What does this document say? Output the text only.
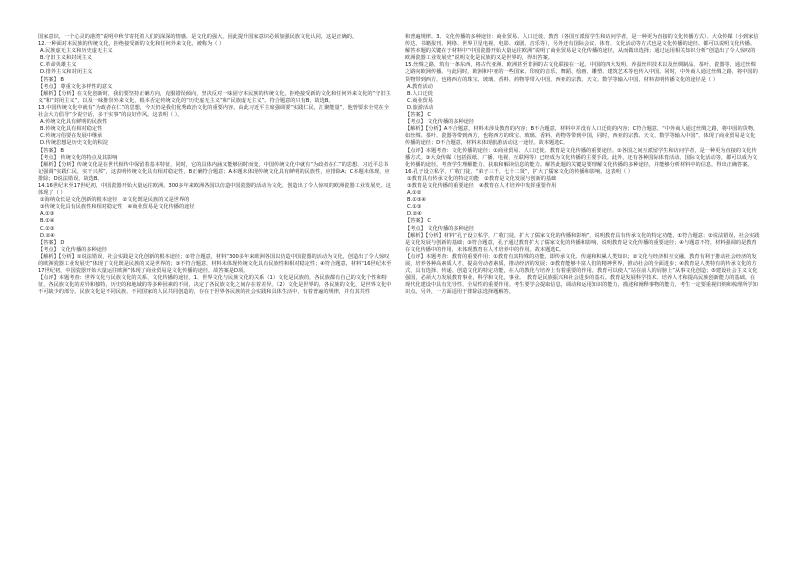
国家意识，一个心灵的港湾”说明中秋节寄托着人们的深深的情感，是文化的强大，因此提升国家意识必须加强民族文化认同，这是正确的。

12.一种面对本民族的传统文化，拒绝接受新的文化和任何外来文化，被称为（ ）

A.民族虚无主义和历史虚无主义

B.守旧主义和封闭主义

C.革命英雄主义

D.排外主义和封闭主义

【答案】 B

【考点】 尊重文化多样性的意义

【解析】【分析】在文化创新时，我们要坚持正确方向，克服错误倾向，坚决反对一味固守本民族的传统文化，拒绝接受新的文化和任何外来文化的“守旧主义”和“封闭主义”，以及一味推崇外来文化，根本否定传统文化的“历史虚无主义”和“民族虚无主义”。符合题意的只有B，故选B。

13.中国传统文化中就有“为政者在仁”的思想，今天仍是我们优秀政治文化的重要内容。由此习近平主席强调要“实践仁民，汇聚能量”，他曾要求全党在全社会大力倡导“少说空话，多干实事”的良好作风。这表明（ ）。

A.传统文化具有鲜明的民族性

B.传统文化具有相对稳定性

C.传统习俗要在发展中继承

D.传统思想是历史文化的积淀

【答案】 B

【考点】 传统文化的特点及其影响

【解析】【分析】传统文化是在世代相传中保留着基本特征，同时，它的具体内涵又能够因时而变。中国传统文化中就有“为政者在仁”的思想，习近平总书记强调“实践仁民，实干兴邦”，这表明传统文化具有相对稳定性，B正确符合题意；A本题未体现传统文化具有鲜明的民族性，应排除A；C本题未体现，应排除；D说法错误。故选B。

14.16世纪末至17世纪初，中国瓷器开始大量运往欧洲。300多年来欧洲各国以仿造中国瓷器的活动为文化，创造出了令人惊叹的欧洲瓷器工业发展史。这体现了（ ）

①海纳众长是文化创新的根本途径　②文化既是民族的又是世界的

③传统文化具有民族性和相对稳定性　④商业贸易是文化传播的途径

A.①③

B.①④

C.②③

D.②④

【答案】 D

【考点】 文化传播的多种途径

【解析】【分析】①说法错误，社会实践是文化创新的根本途径；②符合题意，材料“300多年来欧洲各国以仿造中国瓷器的活动为文化，创造出了令人惊叹的欧洲瓷器工业发展史”体现了文化既是民族的又是世界的；③不符合题意，材料未体现传统文化具有民族性和相对稳定性；④符合题意，材料“16世纪末至17世纪初，中国瓷器开始大量运往欧洲”体现了商业贸易是文化传播的途径。故答案是D项。

【点评】本题考查：世界文化与民族文化的关系、文化传播的途径。1、世界文化与民族文化的关系（1）文化是民族的，各民族都有自己的文化个性和特征，各民族文化的差异和独特，历史的和地域的等多种因素的不同，决定了各民族文化之间存在着差异。（2）文化是世界的，各民族的文化，是世界文化中不可缺少的部分。民族文化是不同民族、不同国家的人民共同创造的，存在于世界各民族的社会实践和具体生活中，有着普遍的规律，并有其共性

和普遍规律。3、文化传播的多种途径：商业贸易、人口迁徙、教育（各国互派留学生和访问学者，是一种更为直接的文化传播方式）、大众传媒（小到家信传达、书籍报刊、网络、世界卫星电视、电影、戏剧、音乐等），另外还有国际会议、体育、文化活动等方式也是文化传播的途径。都可以说明文化传播。解答本题的关键在于材料中“中国瓷器开始大量运往欧洲”说明了商业贸易是文化传播的途径，从而做出选择；通过运用相关知识分析“创造出了令人惊叹的欧洲瓷器工业发展史”说明文化是民族的又是世界的，得出答案。

15.丝绸之路，筑有一条东西，将古代亚洲、欧洲甚至非洲的古文化联接在一起。中国的四大发明、养蚕丝织技术以及丝绸制品、茶叶、瓷器等，通过丝绸之路向欧洲传播。与此同时，欧洲和中亚的一些国家、印度的音乐、舞蹈、绘画、雕塑、建筑艺术等也传入中国。同时，中外商人通过丝绸之路，将中国的货物带到西方，也将西方的珠宝、玻璃、香料、药物等带入中国，西亚的宗教、天文、数学等输入中国，材料表明传播文化的途径是（ ）

A.教育活动

B.人口迁徙

C.商业贸易

D.旅游活动

【答案】 C

【考点】 文化传播的多种途径

【解析】【分析】A不合题意，材料未涉及教育的内容；B不合题意，材料中并没有人口迁徙的内容；C符合题意，“中外商人通过丝绸之路，将中国的货物，如丝绸、茶叶、瓷器等带到西方，也将西方的珠宝、玻璃、香料、药物等带到中国，同时，西亚的宗教、天文、数学等输入中国”，体现了商业贸易是文化传播的途径；D不合题意，材料未体现旅游活动这一途径。故本题选C。

【点评】本题考查：文化传播的途径：①商业贸易、人口迁徙、教育是文化传播的重要途径。②各国之间互派留学生和访问学者，是一种更为直接的文化传播方式。③大众传媒（包括报纸、广播、电视、互联网等）已经成为文化传播的主要手段。此外，还有各种国际体育活动、国际文化活动等，都可以成为文化传播的途径。考查学生理解能力、获取和解读信息的能力。解答此题的关键是要理解文化传播的多种途径，并能够分析材料中的信息，得出正确答案。

16.孔子设立私学，广收门徒，“弟子三千，七十二贤”，扩大了儒家文化的传播和影响。这表明（ ）

①教育具有传承文化的特定功能　②教育是文化发展与创新的基础

③教育是文化传播的重要途径　④教育在人才培养中发挥重要作用

A.①②

B.①③④

C.①③

D.②④

【答案】 C

【考点】 文化传播的多种途径

【解析】【分析】材料“孔子设立私学，广收门徒，扩大了儒家文化的传播和影响”，说明教育具有传承文化的特定功能，①符合题意；②说法错误，社会实践是文化发展与创新的基础；③符合题意，孔子通过教育扩大了儒家文化的传播和影响，说明教育是文化传播的重要途径；④与题意不符，材料强调的是教育在文化传播中的作用，未体现教育在人才培养中的作用。故本题选C。

【点评】本题考查：教育的重要作用：①教育有其特殊的功能，即传承文化、传递和积累人类知识；②文化与经济相互交融，教育有利于推动社会经济的发展，培养各种高素质人才，提高劳动者素质，推动经济的发展；③教育能够丰富人们的精神世界，推动社会的全面进步；④教育是人类特有的传承文化的方式，具有选择、传递、创造文化的特定功能，在人的教化与培养上有着重要的作用。教育可以使人“站在前人的肩膀上”从事文化创造；⑤建设社会主义文化强国，必须大力发展教育事业，科学和文化，事业。　教育是民族振兴和社会进步的基石。教育是发展科学技术、培养人才和提高民族创新能力的基础。在现代化建设中具有先导性、全局性的重要作用。考生要学会提取信息，调动和运用知识的能力，描述和阐释事物的能力，考生一定要重视归纳和梳理所学知识点。另外，一方面适用于排除法选择题解答。
